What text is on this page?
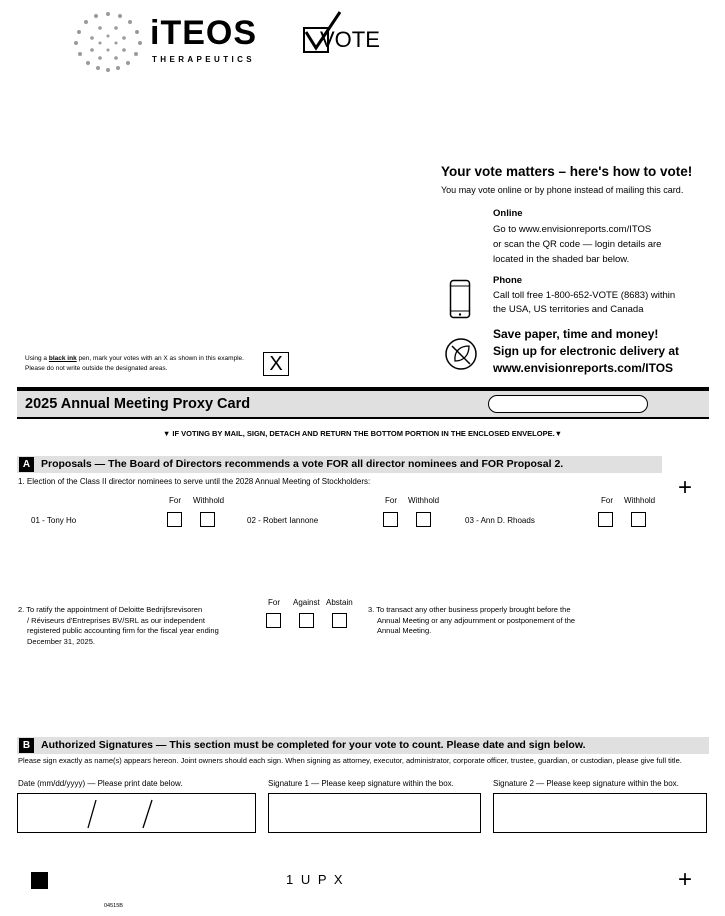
iTEOS
THERAPEUTICS
VOTE
Your vote matters – here's how to vote!
You may vote online or by phone instead of mailing this card.
Online
Go to www.envisionreports.com/ITOS
or scan the QR code — login details are
located in the shaded bar below.
Phone
Call toll free 1-800-652-VOTE (8683) within
the USA, US territories and Canada
Save paper, time and money!
Sign up for electronic delivery at
www.envisionreports.com/ITOS
Using a black ink pen, mark your votes with an X as shown in this example.
Please do not write outside the designated areas.	X
2025 Annual Meeting Proxy Card
▼ IF VOTING BY MAIL, SIGN, DETACH AND RETURN THE BOTTOM PORTION IN THE ENCLOSED ENVELOPE.▼
A	Proposals — The Board of Directors recommends a vote FOR all director nominees and FOR Proposal 2.
+
1. Election of the Class II director nominees to serve until the 2028 Annual Meeting of Stockholders:
For Withhold	For Withhold	For Withhold
01 - Tony Ho	02 - Robert Iannone	03 - Ann D. Rhoads
2. To ratify the appointment of Deloitte Bedrijfsrevisoren
/ Réviseurs d'Entreprises BV/SRL as our independent
registered public accounting firm for the fiscal year ending
December 31, 2025.
For Against Abstain
3. To transact any other business properly brought before the
Annual Meeting or any adjournment or postponement of the
Annual Meeting.
B	Authorized Signatures — This section must be completed for your vote to count. Please date and sign below.
Please sign exactly as name(s) appears hereon. Joint owners should each sign. When signing as attorney, executor, administrator, corporate officer, trustee, guardian, or custodian, please give full title.
Date (mm/dd/yyyy) — Please print date below.	Signature 1 — Please keep signature within the box.	Signature 2 — Please keep signature within the box.
1 U P X	+
04515B
